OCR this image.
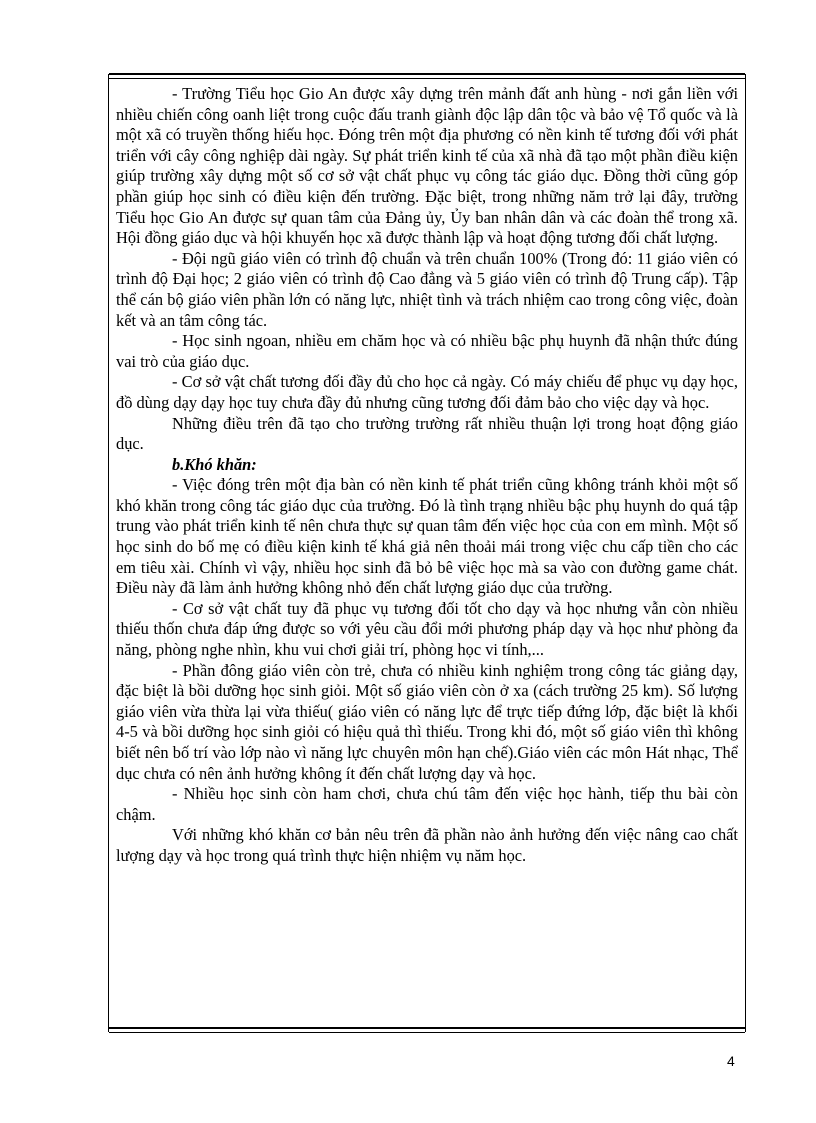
- Trường Tiểu học Gio An được xây dựng trên mảnh đất anh hùng - nơi gắn liền với nhiều chiến công oanh liệt trong cuộc đấu tranh giành độc lập dân tộc và bảo vệ Tổ quốc và là một xã có truyền thống hiếu học. Đóng trên một địa phương có nền kinh tế tương đối với phát triển với cây công nghiệp dài ngày. Sự phát triển kinh tế của xã nhà đã tạo một phần điều kiện giúp trường xây dựng một số cơ sở vật chất phục vụ công tác giáo dục. Đồng thời cũng góp phần giúp học sinh có điều kiện đến trường. Đặc biệt, trong những năm trở lại đây, trường Tiểu học Gio An được sự quan tâm của Đảng ủy, Ủy ban nhân dân và các đoàn thể trong xã. Hội đồng giáo dục và hội khuyến học xã được thành lập và hoạt động tương đối chất lượng.

- Đội ngũ giáo viên có trình độ chuẩn và trên chuẩn 100% (Trong đó: 11 giáo viên có trình độ Đại học; 2 giáo viên có trình độ Cao đẳng và 5 giáo viên có trình độ Trung cấp). Tập thể cán bộ giáo viên phần lớn có năng lực, nhiệt tình và trách nhiệm cao trong công việc, đoàn kết và an tâm công tác.

- Học sinh ngoan, nhiều em chăm học và có nhiều bậc phụ huynh đã nhận thức đúng vai trò của giáo dục.

- Cơ sở vật chất tương đối đầy đủ cho học cả ngày. Có máy chiếu để phục vụ dạy học, đồ dùng dạy dạy học tuy chưa đầy đủ nhưng cũng tương đối đảm bảo cho việc dạy và học.

Những điều trên đã tạo cho trường trường rất nhiều thuận lợi trong hoạt động giáo dục.

b.Khó khăn:

- Việc đóng trên một địa bàn có nền kinh tế phát triển cũng không tránh khỏi một số khó khăn trong công tác giáo dục của trường. Đó là tình trạng nhiều bậc phụ huynh do quá tập trung vào phát triển kinh tế nên chưa thực sự quan tâm đến việc học của con em mình. Một số học sinh do bố mẹ có điều kiện kinh tế khá giả nên thoải mái trong việc chu cấp tiền cho các em tiêu xài. Chính vì vậy, nhiều học sinh đã bỏ bê việc học mà sa vào con đường game chát. Điều này đã làm ảnh hưởng không nhỏ đến chất lượng giáo dục của trường.

- Cơ sở vật chất tuy đã phục vụ tương đối tốt cho dạy và học nhưng vẫn còn nhiều thiếu thốn chưa đáp ứng được so với yêu cầu đổi mới phương pháp dạy và học như phòng đa năng, phòng nghe nhìn, khu vui chơi giải trí, phòng học vi tính,...

- Phần đông giáo viên còn trẻ, chưa có nhiều kinh nghiệm trong công tác giảng dạy, đặc biệt là bồi dưỡng học sinh giỏi. Một số giáo viên còn ở xa (cách trường 25 km). Số lượng giáo viên vừa thừa lại vừa thiếu( giáo viên có năng lực để trực tiếp đứng lớp, đặc biệt là khối 4-5 và bồi dưỡng học sinh giỏi có hiệu quả thì thiếu. Trong khi đó, một số giáo viên thì không biết nên bố trí vào lớp nào vì năng lực chuyên môn hạn chế).Giáo viên các môn Hát nhạc, Thể dục chưa có nên ảnh hưởng không ít đến chất lượng dạy và học.

- Nhiều học sinh còn ham chơi, chưa chú tâm đến việc học hành, tiếp thu bài còn chậm.

Với những khó khăn cơ bản nêu trên đã phần nào ảnh hưởng đến việc nâng cao chất lượng dạy và học trong quá trình thực hiện nhiệm vụ năm học.

4
